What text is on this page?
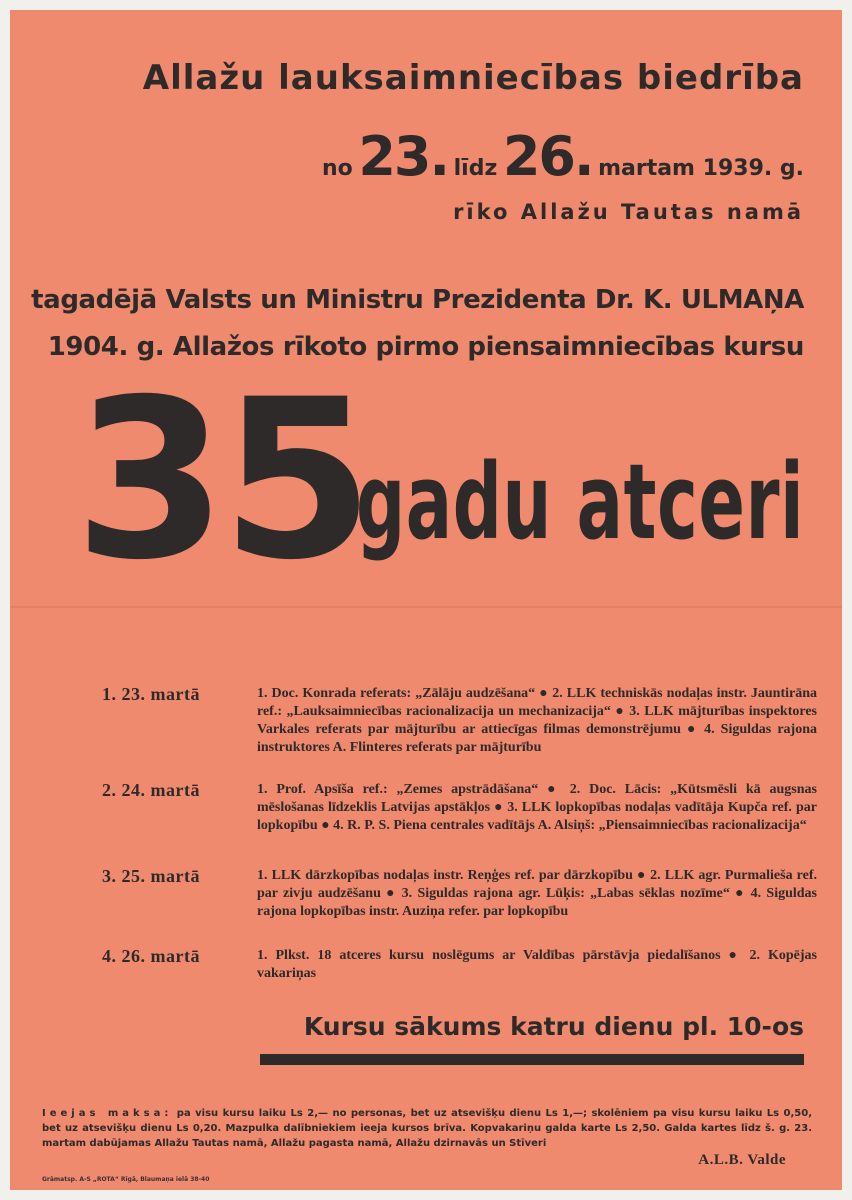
Allažu lauksaimniecības biedrība
no 23. līdz 26. martam 1939. g.
rīko Allažu Tautas namā
tagadējā Valsts un Ministru Prezidenta Dr. K. ULMAŅA
1904. g. Allažos rīkoto pirmo piensaimniecības kursu
35
gadu atceri
1. 23. martā	1. Doc. Konrada referats: „Zālāju audzēšana“ ● 2. LLK techniskās nodaļas instr. Jauntirāna ref.: „Lauksaimniecības racionalizacija un mechanizacija“ ● 3. LLK mājturības inspektores Varkales referats par mājturību ar attiecīgas filmas demonstrējumu ● 4. Siguldas rajona instruktores A. Flinteres referats par mājturību
2. 24. martā	1. Prof. Apsīša ref.: „Zemes apstrādāšana“ ● 2. Doc. Lācis: „Kūtsmēsli kā augsnas mēslošanas līdzeklis Latvijas apstākļos ● 3. LLK lopkopības nodaļas vadītāja Kupča ref. par lopkopību ● 4. R. P. S. Piena centrales vadītājs A. Alsiņš: „Piensaimniecības racionalizacija“
3. 25. martā	1. LLK dārzkopības nodaļas instr. Reņģes ref. par dārzkopību ● 2. LLK agr. Purmalieša ref. par zivju audzēšanu ● 3. Siguldas rajona agr. Lūķis: „Labas sēklas nozīme“ ● 4. Siguldas rajona lopkopības instr. Auziņa refer. par lopkopību
4. 26. martā	1. Plkst. 18 atceres kursu noslēgums ar Valdības pārstāvja piedalīšanos ● 2. Kopējas vakariņas
Kursu sākums katru dienu pl. 10-os
Ieejas maksa: pa visu kursu laiku Ls 2,— no personas, bet uz atsevišķu dienu Ls 1,—; skolēniem pa visu kursu laiku Ls 0,50, bet uz atsevišķu dienu Ls 0,20. Mazpulka dalībniekiem ieeja kursos brīva. Kopvakariņu galda karte Ls 2,50. Galda kartes līdz š. g. 23. martam dabūjamas Allažu Tautas namā, Allažu pagasta namā, Allažu dzirnavās un Stīveri
A.L.B. Valde
Grāmatsp. A-S „ROTA“ Rīgā, Blaumaņa ielā 38-40
